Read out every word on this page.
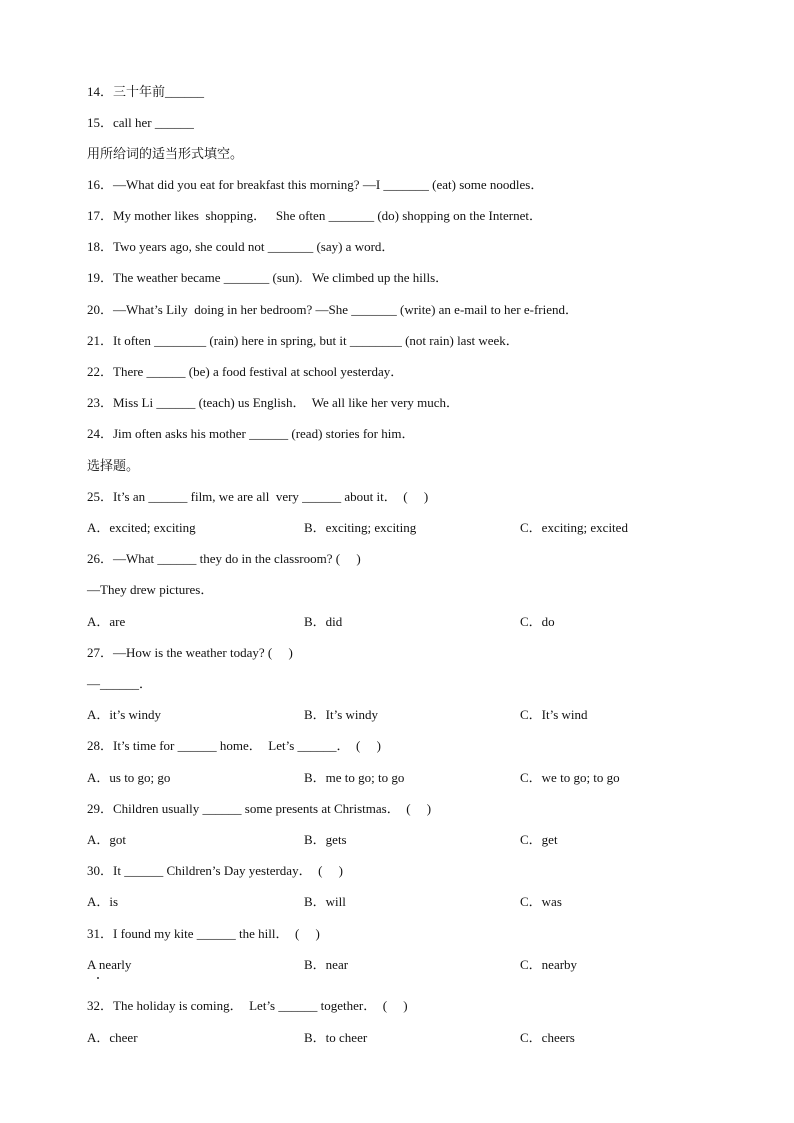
14．三十年前______
15．call her ______
用所给词的适当形式填空。
16．—What did you eat for breakfast this morning? —I _______ (eat) some noodles．
17．My mother likes  shopping．   She often _______ (do) shopping on the Internet．
18．Two years ago, she could not _______ (say) a word．
19．The weather became _______ (sun).   We climbed up the hills．
20．—What’s Lily  doing in her bedroom? —She _______ (write) an e-mail to her e-friend．
21．It often ________ (rain) here in spring, but it ________ (not rain) last week．
22．There ______ (be) a food festival at school yesterday．
23．Miss Li ______ (teach) us English．  We all like her very much．
24．Jim often asks his mother ______ (read) stories for him．
选择题。
25．It’s an ______ film, we are all  very ______ about it．  (     )
A．excited; exciting	B．exciting; exciting	C．exciting; excited
26．—What ______ they do in the classroom? (     )
—They drew pictures．
A．are	B．did	C．do
27．—How is the weather today? (     )
—______．
A．it’s windy	B．It’s windy	C．It’s wind
28．It’s time for ______ home．  Let’s ______．  (     )
A．us to go; go	B．me to go; to go	C．we to go; to go
29．Children usually ______ some presents at Christmas．  (     )
A．got	B．gets	C．get
30．It ______ Children’s Day yesterday．  (     )
A．is	B．will	C．was
31．I found my kite ______ the hill．  (     )
A nearly	B．near	C．nearby
32．The holiday is coming．  Let’s ______ together．  (     )
A．cheer	B．to cheer	C．cheers
